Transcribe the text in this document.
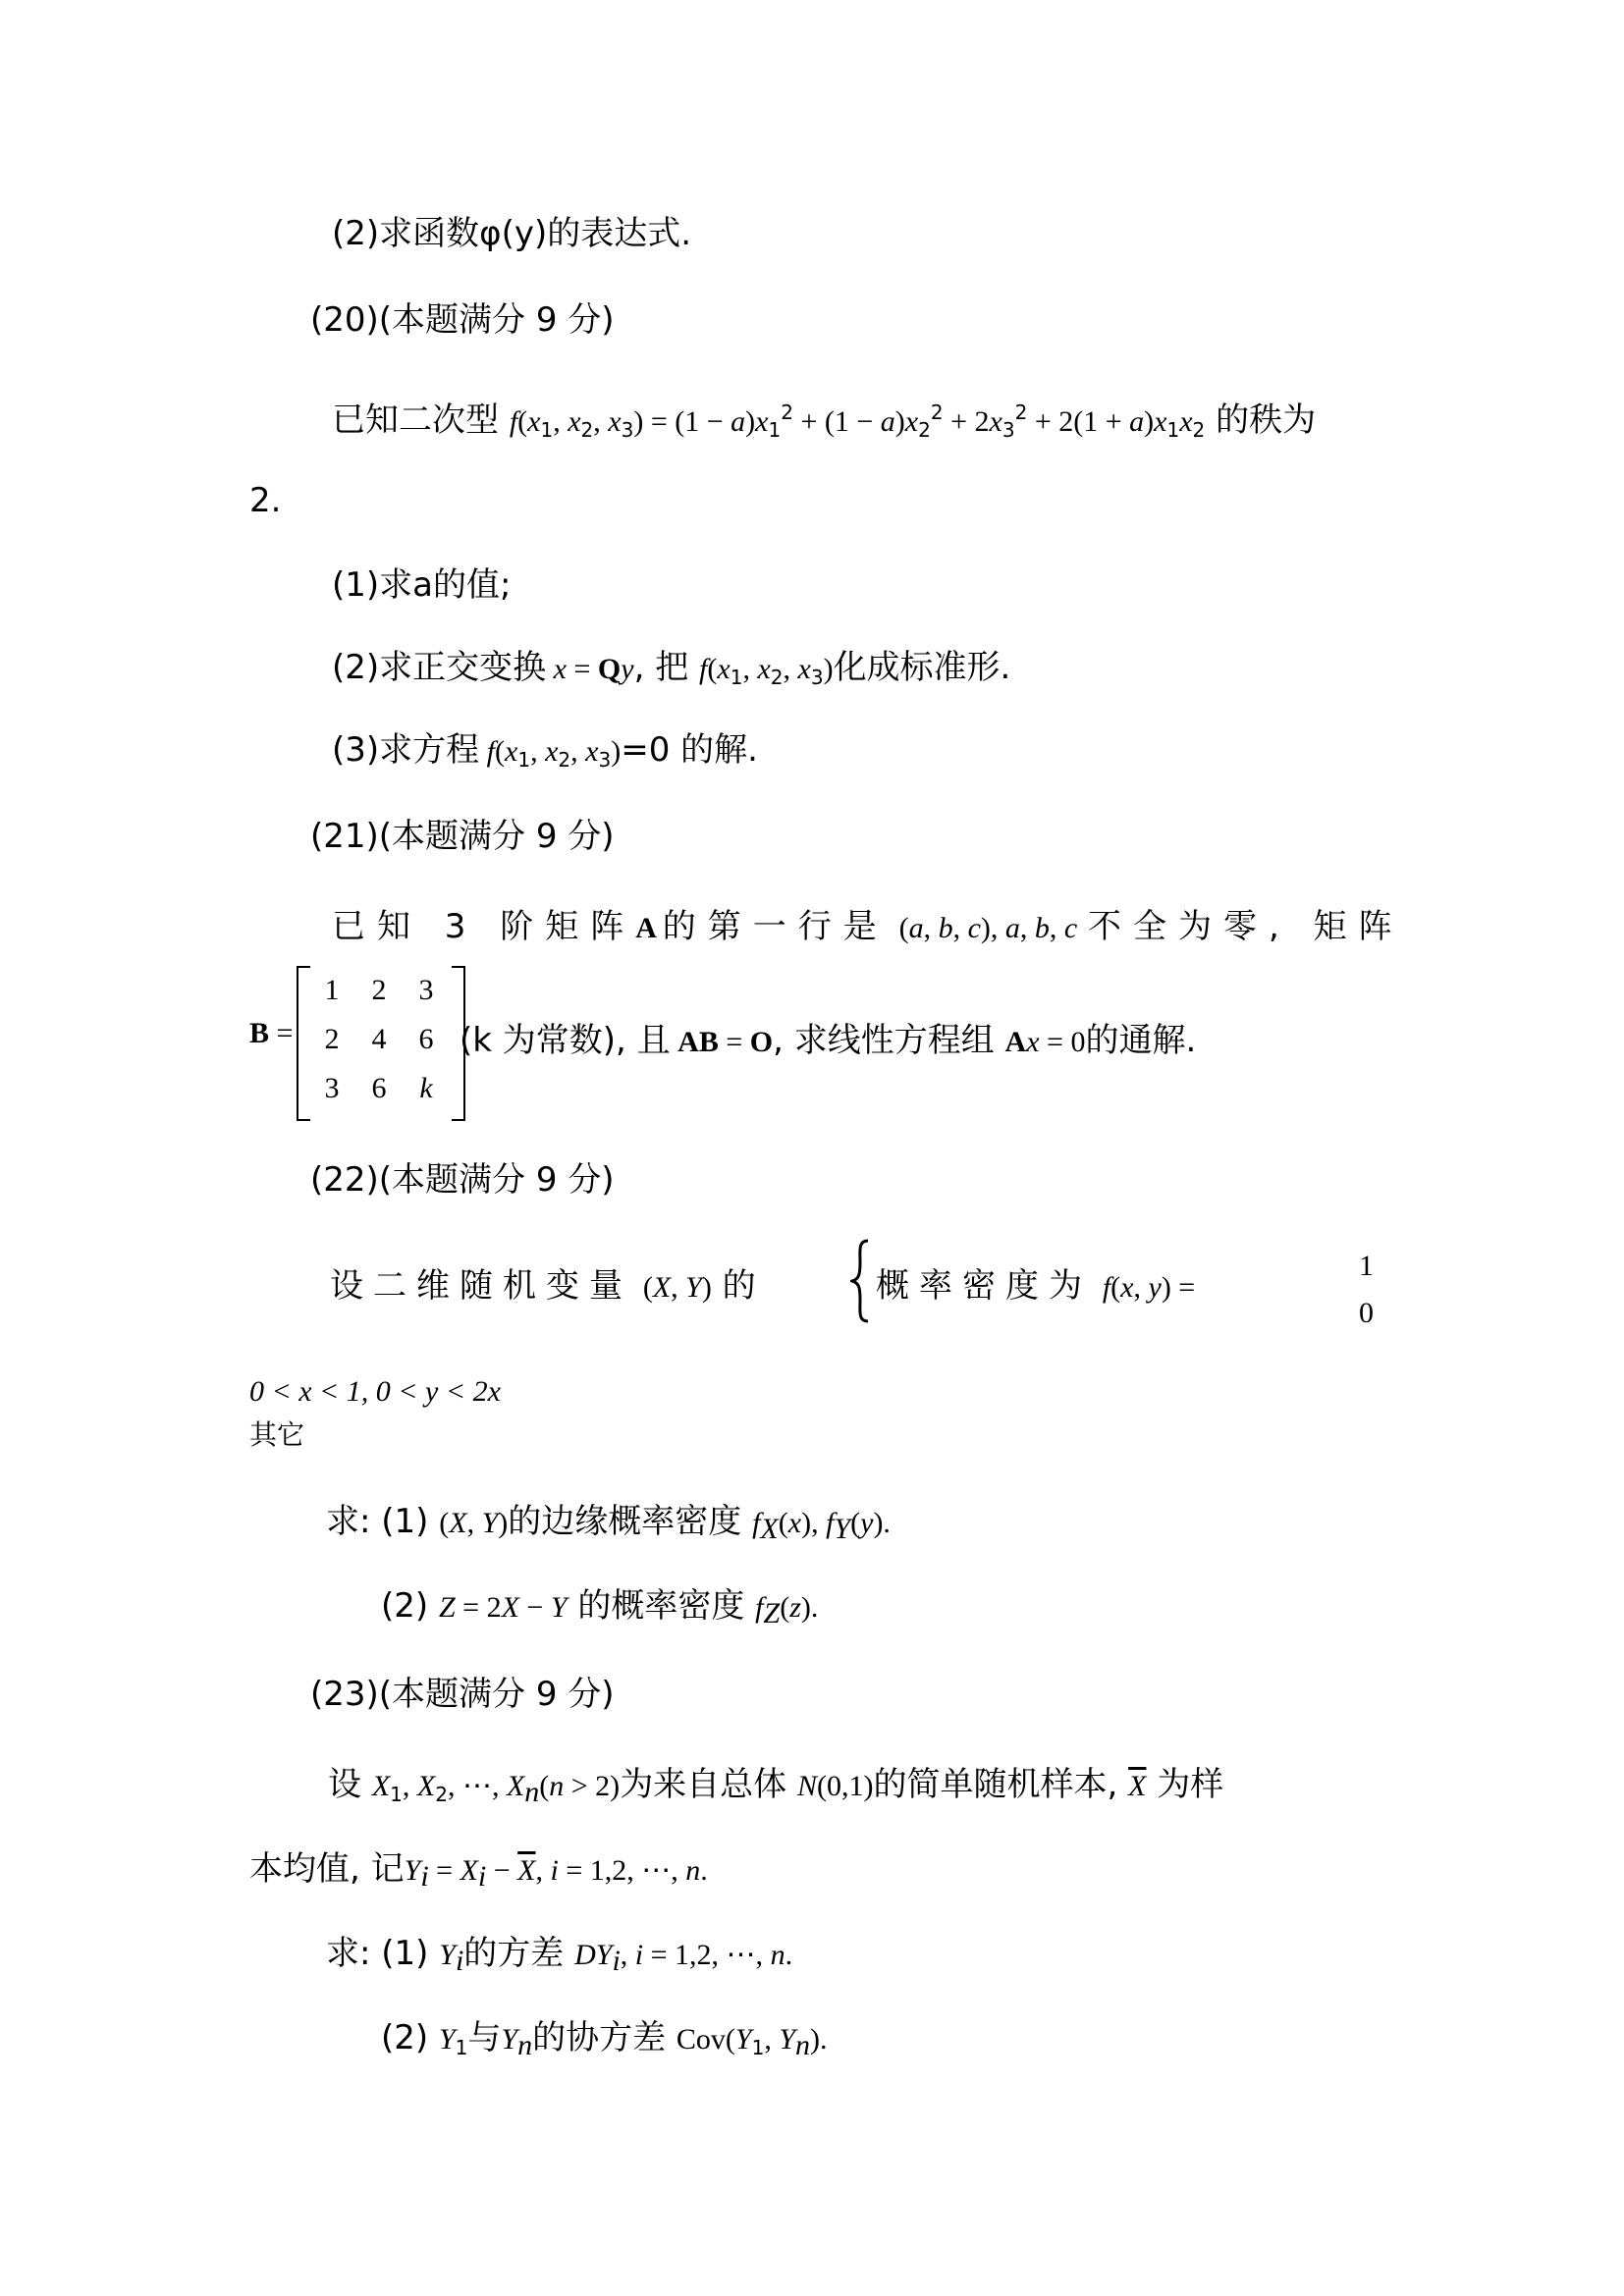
(2)求函数φ(y)的表达式.
(20)(本题满分 9 分)
已知二次型 $f(x_1$, $x_2$, $x_3) = (1 - a)x_1^2 + (1 - a)x_2^2 + 2x_3^2 + 2(1 + a)x_1x_2$ 的秩为
2.
(1)求a的值;
(2)求正交变换 x = Qy, 把 $f(x_1$, $x_2$, $x_3$)化成标准形.
(3)求方程 $f(x_1$, $x_2$, $x_3)=0$ 的解.
(21)(本题满分 9 分)
已知 3 阶矩阵A 的第一行是 (a, b, c), a, b, c 不全为零, 矩阵
B =
1	2	3
2	4	6
3	6	k
(k 为常数), 且 AB = O, 求线性方程组 Ax = 0的通解.
(22)(本题满分 9 分)
设二维随机变量 (X, Y) 的	概率密度为 f(x, y) =
1
0
0 < x < 1, 0 < y < 2x
其它
求: (1) (X, Y)的边缘概率密度 $f_X(x)$, $f_Y(y)$.
(2) Z = 2X − Y 的概率密度 $f_Z(z)$.
(23)(本题满分 9 分)
设 $X_1$, $X_2$, ⋯, $X_n(n > 2)$为来自总体 N(0,1)的简单随机样本, $\overline{X}$ 为样
本均值, 记$Y_i = X_i - \overline{X}$, i = 1,2, ⋯, n.
求: (1) $Y_i$的方差 $DY_i$, i = 1,2, ⋯, n.
(2) $Y_1$与$Y_n$的协方差 $Cov(Y_1$, $Y_n$).
